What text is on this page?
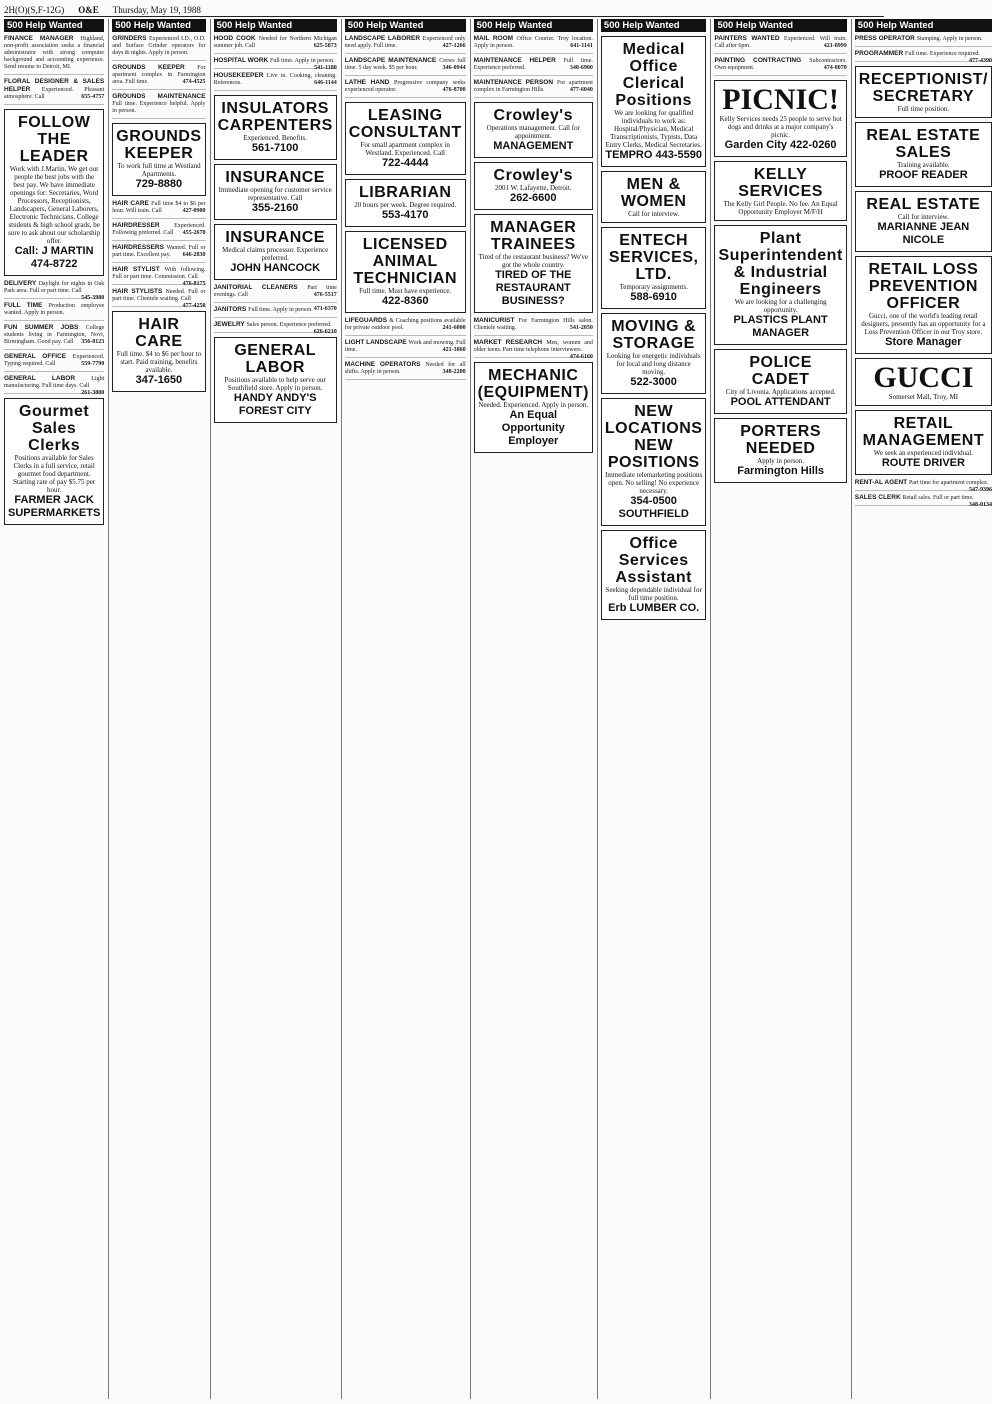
2H(O)(S,F-12G) O&E Thursday, May 19, 1988
500 Help Wanted
FINANCE MANAGER Highland, non-profit association seeks a financial administrator with strong computer background and accounting experience. Send resume to Detroit, MI.
FLORAL DESIGNER & SALES HELPER Experienced. Pleasant atmosphere. Call	655-4757
FOLLOW THE LEADER
Work with J.Martin. We get our people the best jobs with the best pay. We have immediate openings for: Secretaries, Word Processors, Receptionists, Landscapers, General Laborers, Electronic Technicians. College students & high school grads, be sure to ask about our scholarship offer.
Call: J MARTIN 474-8722
DELIVERY Daylight for nights in Oak Park area. Full or part time. Call
545-3980
FULL TIME Production employee wanted. Apply in person.
FUN SUMMER JOBS College students living in Farmington, Novi, Birmingham. Good pay. Call 356-8123
GENERAL OFFICE Experienced. Typing required. Call	559-7790
GENERAL LABOR Light manufacturing. Full time days. Call
261-3800
Gourmet Sales Clerks
Positions available for Sales Clerks in a full service, retail gourmet food department. Starting rate of pay $5.75 per hour.
FARMER JACK SUPERMARKETS
500 Help Wanted
GRINDERS Experienced I.D., O.D. and Surface Grinder operators for days & nights. Apply in person.
GROUNDS KEEPER For apartment complex in Farmington area. Full time.	474-4525
GROUNDS MAINTENANCE Full time. Experience helpful. Apply in person.
GROUNDS KEEPER
To work full time at Westland Apartments.
729-8880
HAIR CARE Full time $4 to $6 per hour. Will train. Call	427-0900
HAIRDRESSER Experienced. Following preferred. Call 455-2670
HAIRDRESSERS Wanted. Full or part time. Excellent pay. 646-2830
HAIR STYLIST With following. Full or part time. Commission. Call
476-8175
HAIR STYLISTS Needed. Full or part time. Clientele waiting. Call
477-4250
HAIR CARE
Full time. $4 to $6 per hour to start. Paid training, benefits available.
347-1650
500 Help Wanted
HOOD COOK Needed for Northern Michigan summer job. Call	625-5873
HOSPITAL WORK Full time. Apply in person.
541-1180
HOUSEKEEPER Live in. Cooking, cleaning. References.	646-1144
INSULATORS CARPENTERS
Experienced. Benefits.
561-7100
INSURANCE
Immediate opening for customer service representative. Call
355-2160
INSURANCE
Medical claims processor. Experience preferred.
JOHN HANCOCK
JANITORIAL CLEANERS Part time evenings. Call	476-5517
JANITORS Full time. Apply in person. 471-6370
JEWELRY Sales person. Experience preferred.
626-6210
GENERAL LABOR
Positions available to help serve our Southfield store. Apply in person.
HANDY ANDY'S FOREST CITY
500 Help Wanted
LANDSCAPE LABORER Experienced only need apply. Full time.	427-1266
LANDSCAPE MAINTENANCE Crews full time. 5 day week. $5 per hour.	346-0944
LATHE HAND Progressive company seeks experienced operator.	476-8700
LEASING CONSULTANT
For small apartment complex in Westland. Experienced. Call
722-4444
LIBRARIAN
20 hours per week. Degree required.
553-4170
LICENSED ANIMAL TECHNICIAN
Full time. Must have experience.
422-8360
LIFEGUARDS & Coaching positions available for private outdoor pool.	241-6000
LIGHT LANDSCAPE Work and mowing. Full time.	421-3860
MACHINE OPERATORS Needed for all shifts. Apply in person.	348-2200
500 Help Wanted
MAIL ROOM Office Courier. Troy location. Apply in person.	641-1141
MAINTENANCE HELPER Full time. Experience preferred.	348-6900
MAINTENANCE PERSON For apartment complex in Farmington Hills.	477-6040
Crowley's
Operations management. Call for appointment.
MANAGEMENT
Crowley's
2001 W. Lafayette, Detroit.
262-6600
MANAGER TRAINEES
Tired of the restaurant business? We've got the whole country.
TIRED OF THE RESTAURANT BUSINESS?
MANICURIST For Farmington Hills salon. Clientele waiting.	541-2050
MARKET RESEARCH Men, women and older teens. Part time telephone interviewers.
474-6160
MECHANIC (EQUIPMENT)
Needed. Experienced. Apply in person.
An Equal Opportunity Employer
500 Help Wanted
Medical Office Clerical Positions
We are looking for qualified individuals to work as: Hospital/Physician, Medical Transcriptionists, Typists, Data Entry Clerks, Medical Secretaries.
TEMPRO 443-5590
MEN & WOMEN
Call for interview.
ENTECH SERVICES, LTD.
Temporary assignments.
588-6910
MOVING & STORAGE
Looking for energetic individuals for local and long distance moving.
522-3000
NEW LOCATIONS NEW POSITIONS
Immediate telemarketing positions open. No selling! No experience necessary.
354-0500 SOUTHFIELD
Office Services Assistant
Seeking dependable individual for full time position.
Erb LUMBER CO.
500 Help Wanted
PAINTERS WANTED Experienced. Will train. Call after 6pm.	421-8999
PAINTING CONTRACTING Subcontractors. Own equipment.	474-8070
PICNIC!
Kelly Services needs 25 people to serve hot dogs and drinks at a major company's picnic.
Garden City 422-0260
KELLY SERVICES
The Kelly Girl People. No fee. An Equal Opportunity Employer M/F/H
Plant Superintendent & Industrial Engineers
We are looking for a challenging opportunity.
PLASTICS PLANT MANAGER
POLICE CADET
City of Livonia. Applications accepted.
POOL ATTENDANT
PORTERS NEEDED
Apply in person.
Farmington Hills
500 Help Wanted
PRESS OPERATOR Stamping. Apply in person.
PROGRAMMER Full time. Experience required.
477-4390
RECEPTIONIST/ SECRETARY
Full time position.
REAL ESTATE SALES
Training available.
PROOF READER
REAL ESTATE
Call for interview.
MARIANNE JEAN NICOLE
RETAIL LOSS PREVENTION OFFICER
Gucci, one of the world's leading retail designers, presently has an opportunity for a Loss Prevention Officer in our Troy store.
Store Manager
GUCCI
Somerset Mall, Troy, MI
RETAIL MANAGEMENT
We seek an experienced individual.
ROUTE DRIVER
RENT-AL AGENT Part time for apartment complex.
547-9396
SALES CLERK Retail sales. Full or part time.
348-0134
